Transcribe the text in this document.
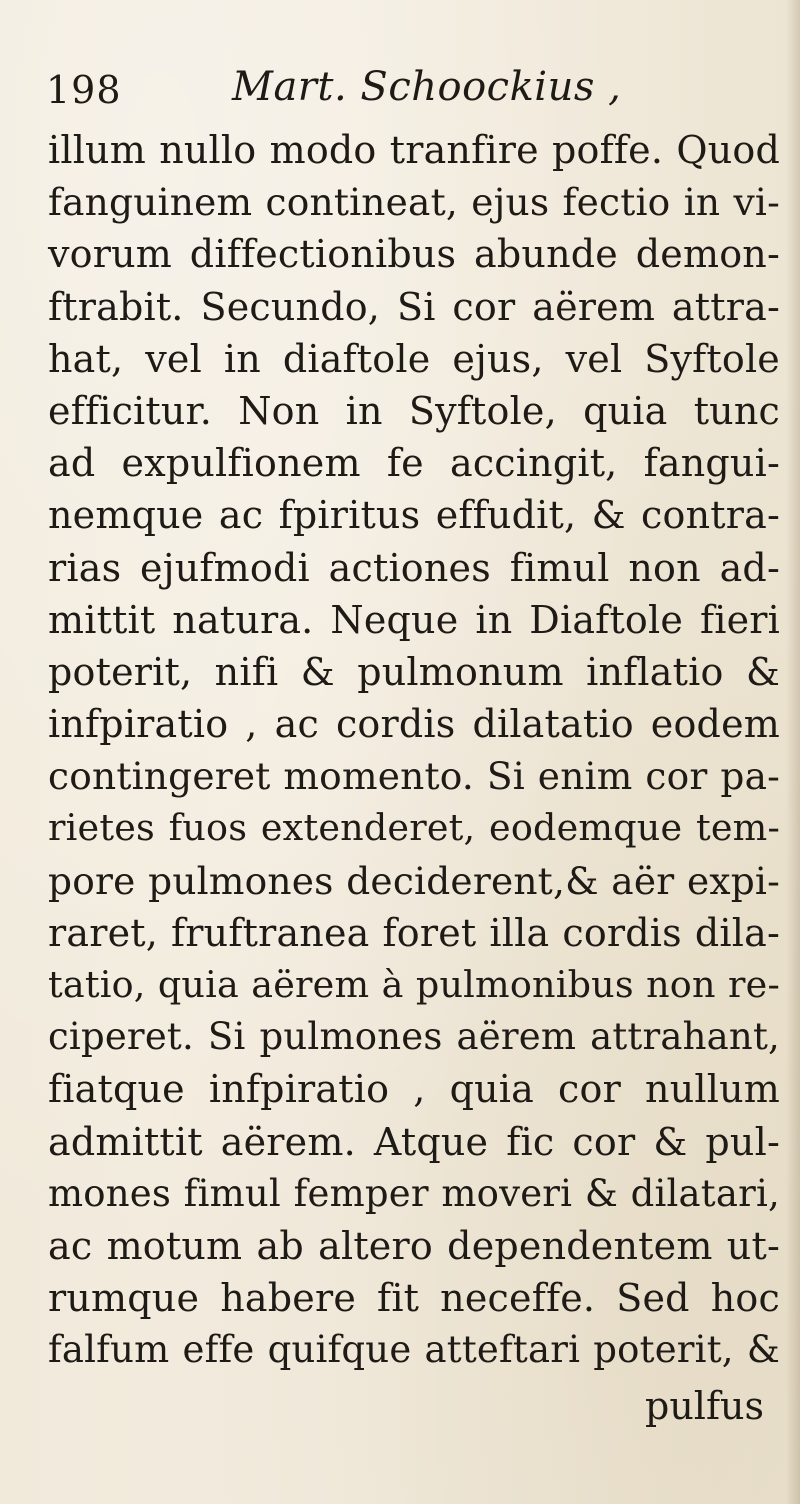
198	Mart. Schoockius ,
illum nullo modo tranfire poffe. Quod
fanguinem contineat, ejus fectio in vi-
vorum diffectionibus abunde demon-
ftrabit. Secundo, Si cor aërem attra-
hat, vel in diaftole ejus, vel Syftole
efficitur. Non in Syftole, quia tunc
ad expulfionem fe accingit, fangui-
nemque ac fpiritus effudit, & contra-
rias ejufmodi actiones fimul non ad-
mittit natura. Neque in Diaftole fieri
poterit, nifi & pulmonum inflatio &
infpiratio , ac cordis dilatatio eodem
contingeret momento. Si enim cor pa-
rietes fuos extenderet, eodemque tem-
pore pulmones deciderent,& aër expi-
raret, fruftranea foret illa cordis dila-
tatio, quia aërem à pulmonibus non re-
ciperet. Si pulmones aërem attrahant,
fiatque infpiratio , quia cor nullum
admittit aërem. Atque fic cor & pul-
mones fimul femper moveri & dilatari,
ac motum ab altero dependentem ut-
rumque habere fit neceffe. Sed hoc
falfum effe quifque atteftari poterit, &
pulfus
